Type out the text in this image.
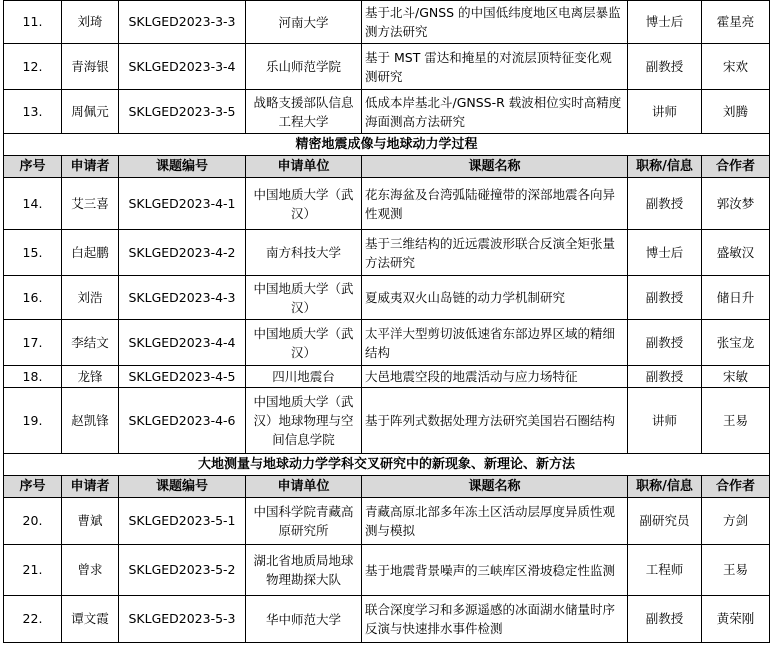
11.	刘琦	SKLGED2023-3-3	河南大学	基于北斗/GNSS 的中国低纬度地区电离层暴监测方法研究	博士后	霍星亮
12.	青海银	SKLGED2023-3-4	乐山师范学院	基于 MST 雷达和掩星的对流层顶特征变化观测研究	副教授	宋欢
13.	周佩元	SKLGED2023-3-5	战略支援部队信息工程大学	低成本岸基北斗/GNSS-R 载波相位实时高精度海面测高方法研究	讲师	刘腾
精密地震成像与地球动力学过程						
序号	申请者	课题编号	申请单位	课题名称	职称/信息	合作者
14.	艾三喜	SKLGED2023-4-1	中国地质大学（武汉）	花东海盆及台湾弧陆碰撞带的深部地震各向异性观测	副教授	郭汝梦
15.	白起鹏	SKLGED2023-4-2	南方科技大学	基于三维结构的近远震波形联合反演全矩张量方法研究	博士后	盛敏汉
16.	刘浩	SKLGED2023-4-3	中国地质大学（武汉）	夏威夷双火山岛链的动力学机制研究	副教授	储日升
17.	李结文	SKLGED2023-4-4	中国地质大学（武汉）	太平洋大型剪切波低速省东部边界区域的精细结构	副教授	张宝龙
18.	龙锋	SKLGED2023-4-5	四川地震台	大邑地震空段的地震活动与应力场特征	副教授	宋敏
19.	赵凯锋	SKLGED2023-4-6	中国地质大学（武汉）地球物理与空间信息学院	基于阵列式数据处理方法研究美国岩石圈结构	讲师	王易
大地测量与地球动力学学科交叉研究中的新现象、新理论、新方法						
序号	申请者	课题编号	申请单位	课题名称	职称/信息	合作者
20.	曹斌	SKLGED2023-5-1	中国科学院青藏高原研究所	青藏高原北部多年冻土区活动层厚度异质性观测与模拟	副研究员	方剑
21.	曾求	SKLGED2023-5-2	湖北省地质局地球物理勘探大队	基于地震背景噪声的三峡库区滑坡稳定性监测	工程师	王易
22.	谭文霞	SKLGED2023-5-3	华中师范大学	联合深度学习和多源遥感的冰面湖水储量时序反演与快速排水事件检测	副教授	黄荣刚
